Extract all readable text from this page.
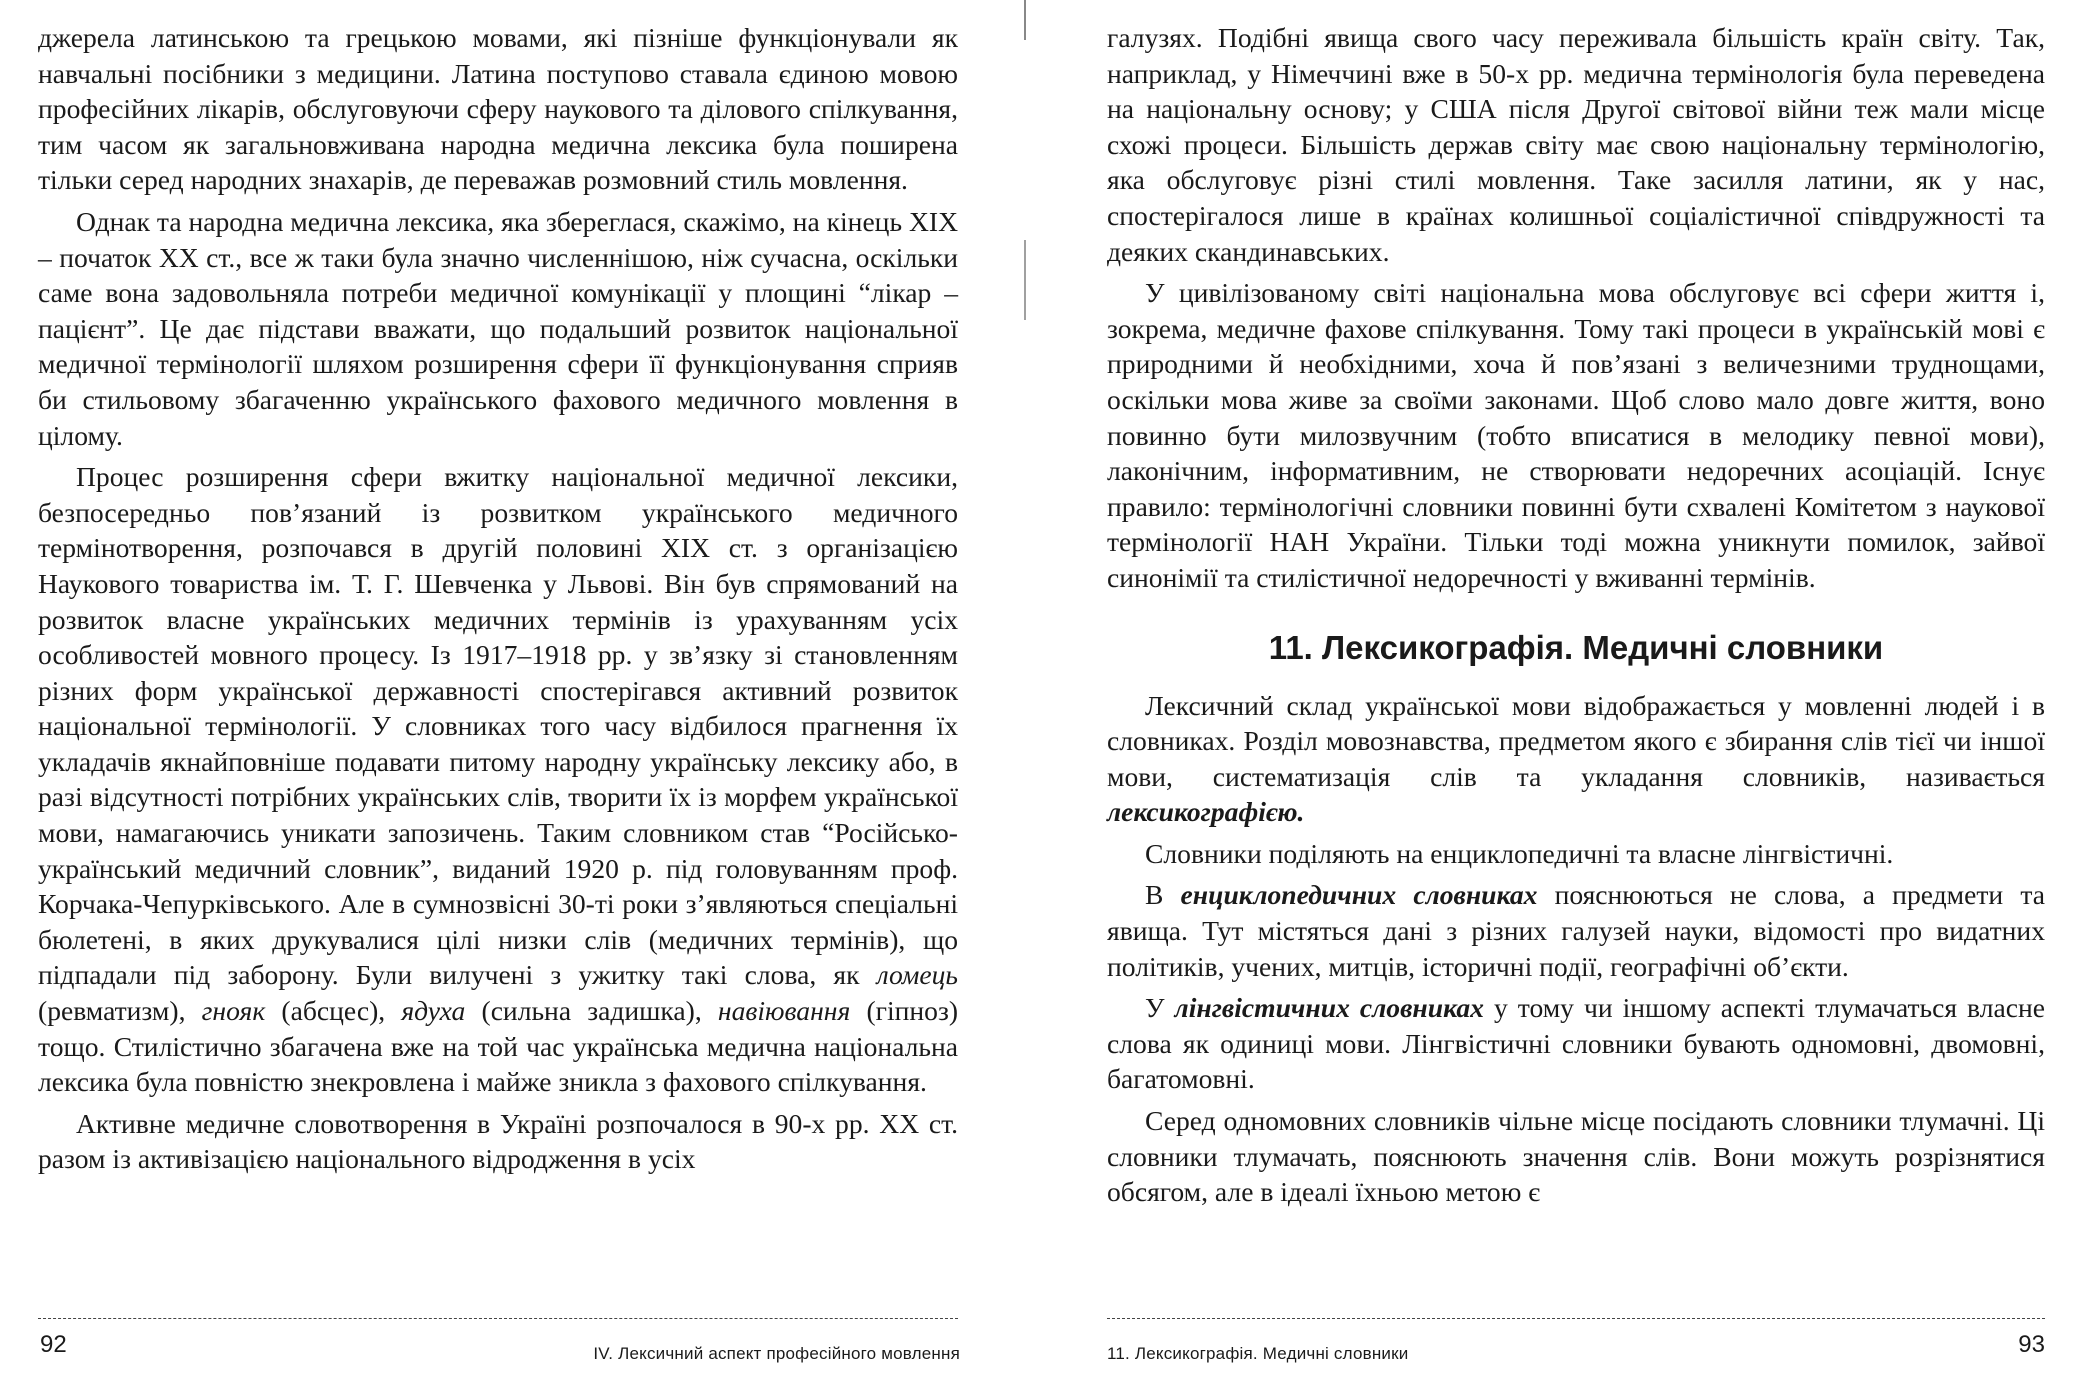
джерела латинською та грецькою мовами, які пізніше функціонували як навчальні посібники з медицини. Латина поступово ставала єдиною мовою професійних лікарів, обслуговуючи сферу наукового та ділового спілкування, тим часом як загальновживана народна медична лексика була поширена тільки серед народних знахарів, де переважав розмовний стиль мовлення.

Однак та народна медична лексика, яка збереглася, скажімо, на кінець XIX – початок XX ст., все ж таки була значно численнішою, ніж сучасна, оскільки саме вона задовольняла потреби медичної комунікації у площині “лікар – пацієнт”. Це дає підстави вважати, що подальший розвиток національної медичної термінології шляхом розширення сфери її функціонування сприяв би стильовому збагаченню українського фахового медичного мовлення в цілому.

Процес розширення сфери вжитку національної медичної лексики, безпосередньо пов’язаний із розвитком українського медичного термінотворення, розпочався в другій половині XIX ст. з організацією Наукового товариства ім. Т. Г. Шевченка у Львові. Він був спрямований на розвиток власне українських медичних термінів із урахуванням усіх особливостей мовного процесу. Із 1917–1918 рр. у зв’язку зі становленням різних форм української державності спостерігався активний розвиток національної термінології. У словниках того часу відбилося прагнення їх укладачів якнайповніше подавати питому народну українську лексику або, в разі відсутності потрібних українських слів, творити їх із морфем української мови, намагаючись уникати запозичень. Таким словником став “Російсько-український медичний словник”, виданий 1920 р. під головуванням проф. Корчака-Чепурківського. Але в сумнозвісні 30-ті роки з’являються спеціальні бюлетені, в яких друкувалися цілі низки слів (медичних термінів), що підпадали під заборону. Були вилучені з ужитку такі слова, як ломець (ревматизм), гнояк (абсцес), ядуха (сильна задишка), навіювання (гіпноз) тощо. Стилістично збагачена вже на той час українська медична національна лексика була повністю знекровлена і майже зникла з фахового спілкування.

Активне медичне словотворення в Україні розпочалося в 90-х рр. XX ст. разом із активізацією національного відродження в усіх

92	IV. Лексичний аспект професійного мовлення

галузях. Подібні явища свого часу переживала більшість країн світу. Так, наприклад, у Німеччині вже в 50-х рр. медична термінологія була переведена на національну основу; у США після Другої світової війни теж мали місце схожі процеси. Більшість держав світу має свою національну термінологію, яка обслуговує різні стилі мовлення. Таке засилля латини, як у нас, спостерігалося лише в країнах колишньої соціалістичної співдружності та деяких скандинавських.

У цивілізованому світі національна мова обслуговує всі сфери життя і, зокрема, медичне фахове спілкування. Тому такі процеси в українській мові є природними й необхідними, хоча й пов’язані з величезними труднощами, оскільки мова живе за своїми законами. Щоб слово мало довге життя, воно повинно бути милозвучним (тобто вписатися в мелодику певної мови), лаконічним, інформативним, не створювати недоречних асоціацій. Існує правило: термінологічні словники повинні бути схвалені Комітетом з наукової термінології НАН України. Тільки тоді можна уникнути помилок, зайвої синонімії та стилістичної недоречності у вживанні термінів.

11. Лексикографія. Медичні словники

Лексичний склад української мови відображається у мовленні людей і в словниках. Розділ мовознавства, предметом якого є збирання слів тієї чи іншої мови, систематизація слів та укладання словників, називається лексикографією.

Словники поділяють на енциклопедичні та власне лінгвістичні.

В енциклопедичних словниках пояснюються не слова, а предмети та явища. Тут містяться дані з різних галузей науки, відомості про видатних політиків, учених, митців, історичні події, географічні об’єкти.

У лінгвістичних словниках у тому чи іншому аспекті тлумачаться власне слова як одиниці мови. Лінгвістичні словники бувають одномовні, двомовні, багатомовні.

Серед одномовних словників чільне місце посідають словники тлумачні. Ці словники тлумачать, пояснюють значення слів. Вони можуть розрізнятися обсягом, але в ідеалі їхньою метою є

11. Лексикографія. Медичні словники	93
